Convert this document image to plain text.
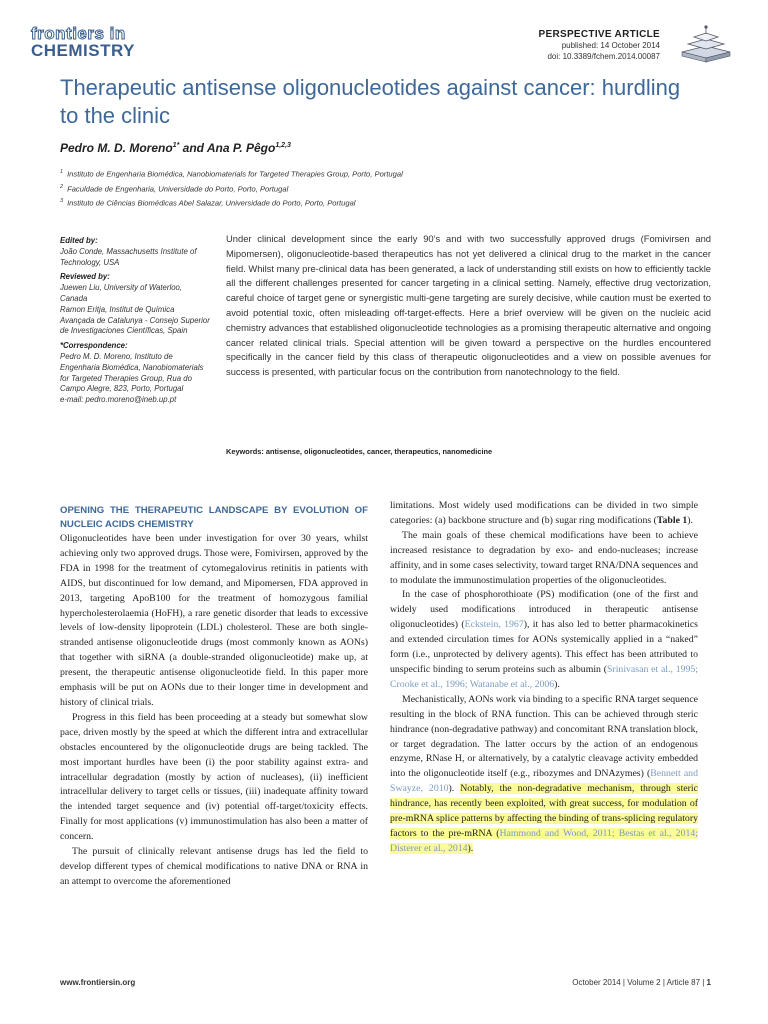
frontiers in
CHEMISTRY
PERSPECTIVE ARTICLE
published: 14 October 2014
doi: 10.3389/fchem.2014.00087
Therapeutic antisense oligonucleotides against cancer: hurdling to the clinic
Pedro M. D. Moreno$^{1*}$ and Ana P. Pêgo$^{1,2,3}$
$^1$ Instituto de Engenharia Biomédica, Nanobiomaterials for Targeted Therapies Group, Porto, Portugal
$^2$ Faculdade de Engenharia, Universidade do Porto, Porto, Portugal
$^3$ Instituto de Ciências Biomédicas Abel Salazar, Universidade do Porto, Porto, Portugal

Edited by:

João Conde, Massachusetts Institute of Technology, USA

Reviewed by:

Juewen Liu, University of Waterloo, Canada

Ramon Eritja, Institut de Química Avançada de Catalunya - Consejo Superior de Investigaciones Científicas, Spain

*Correspondence:

Pedro M. D. Moreno, Instituto de Engenharia Biomédica, Nanobiomaterials for Targeted Therapies Group, Rua do Campo Alegre, 823, Porto, Portugal

e-mail: pedro.moreno@ineb.up.pt

Under clinical development since the early 90’s and with two successfully approved drugs (Fomivirsen and Mipomersen), oligonucleotide-based therapeutics has not yet delivered a clinical drug to the market in the cancer field. Whilst many pre-clinical data has been generated, a lack of understanding still exists on how to efficiently tackle all the different challenges presented for cancer targeting in a clinical setting. Namely, effective drug vectorization, careful choice of target gene or synergistic multi-gene targeting are surely decisive, while caution must be exerted to avoid potential toxic, often misleading off-target-effects. Here a brief overview will be given on the nucleic acid chemistry advances that established oligonucleotide technologies as a promising therapeutic alternative and ongoing cancer related clinical trials. Special attention will be given toward a perspective on the hurdles encountered specifically in the cancer field by this class of therapeutic oligonucleotides and a view on possible avenues for success is presented, with particular focus on the contribution from nanotechnology to the field.
Keywords: antisense, oligonucleotides, cancer, therapeutics, nanomedicine
OPENING THE THERAPEUTIC LANDSCAPE BY EVOLUTION OF NUCLEIC ACIDS CHEMISTRY

Oligonucleotides have been under investigation for over 30 years, whilst achieving only two approved drugs. Those were, Fomivirsen, approved by the FDA in 1998 for the treatment of cytomegalovirus retinitis in patients with AIDS, but discontinued for low demand, and Mipomersen, FDA approved in 2013, targeting ApoB100 for the treatment of homozygous familial hypercholesterolaemia (HoFH), a rare genetic disorder that leads to excessive levels of low-density lipoprotein (LDL) cholesterol. These are both single-stranded antisense oligonucleotide drugs (most commonly known as AONs) that together with siRNA (a double-stranded oligonucleotide) make up, at present, the therapeutic antisense oligonucleotide field. In this paper more emphasis will be put on AONs due to their longer time in development and history of clinical trials.

Progress in this field has been proceeding at a steady but somewhat slow pace, driven mostly by the speed at which the different intra and extracellular obstacles encountered by the oligonucleotide drugs are being tackled. The most important hurdles have been (i) the poor stability against extra- and intracellular degradation (mostly by action of nucleases), (ii) inefficient intracellular delivery to target cells or tissues, (iii) inadequate affinity toward the intended target sequence and (iv) potential off-target/toxicity effects. Finally for most applications (v) immunostimulation has also been a matter of concern.

The pursuit of clinically relevant antisense drugs has led the field to develop different types of chemical modifications to native DNA or RNA in an attempt to overcome the aforementioned

limitations. Most widely used modifications can be divided in two simple categories: (a) backbone structure and (b) sugar ring modifications (Table 1).

The main goals of these chemical modifications have been to achieve increased resistance to degradation by exo- and endo-nucleases; increase affinity, and in some cases selectivity, toward target RNA/DNA sequences and to modulate the immunostimulation properties of the oligonucleotides.

In the case of phosphorothioate (PS) modification (one of the first and widely used modifications introduced in therapeutic antisense oligonucleotides) (Eckstein, 1967), it has also led to better pharmacokinetics and extended circulation times for AONs systemically applied in a “naked” form (i.e., unprotected by delivery agents). This effect has been attributed to unspecific binding to serum proteins such as albumin (Srinivasan et al., 1995; Crooke et al., 1996; Watanabe et al., 2006).

Mechanistically, AONs work via binding to a specific RNA target sequence resulting in the block of RNA function. This can be achieved through steric hindrance (non-degradative pathway) and concomitant RNA translation block, or target degradation. The latter occurs by the action of an endogenous enzyme, RNase H, or alternatively, by a catalytic cleavage activity embedded into the oligonucleotide itself (e.g., ribozymes and DNAzymes) (Bennett and Swayze, 2010). Notably, the non-degradative mechanism, through steric hindrance, has recently been exploited, with great success, for modulation of pre-mRNA splice patterns by affecting the binding of trans-splicing regulatory factors to the pre-mRNA (Hammond and Wood, 2011; Bestas et al., 2014; Disterer et al., 2014).

www.frontiersin.org	October 2014 | Volume 2 | Article 87 | 1
